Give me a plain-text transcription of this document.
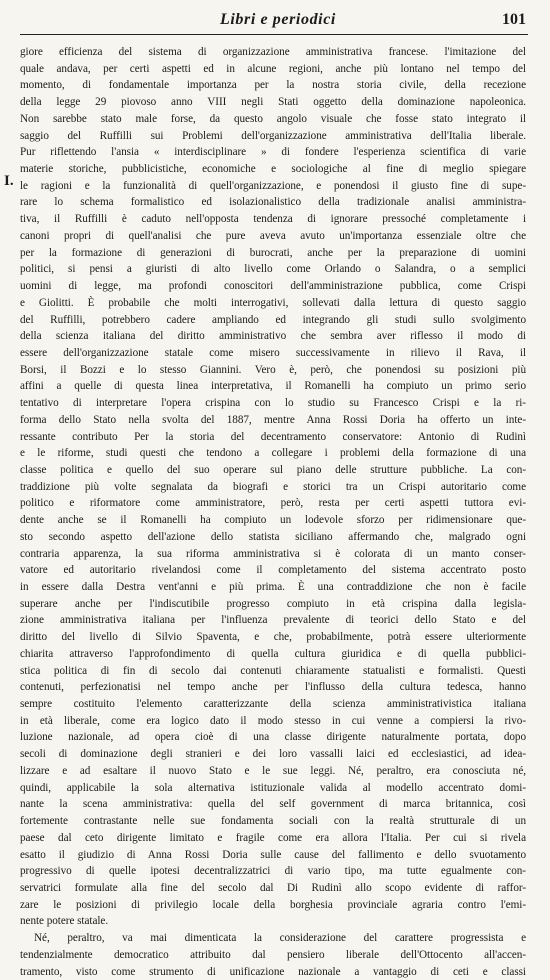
Libri e periodici	101
I.
giore efficienza del sistema di organizzazione amministrativa francese. l'imitazione del
quale andava, per certi aspetti ed in alcune regioni, anche più lontano nel tempo del
momento, di fondamentale importanza per la nostra storia civile, della recezione
della legge 29 piovoso anno VIII negli Stati oggetto della dominazione napoleonica.
Non sarebbe stato male forse, da questo angolo visuale che fosse stato integrato il
saggio del Ruffilli sui Problemi dell'organizzazione amministrativa dell'Italia liberale.
Pur riflettendo l'ansia « interdisciplinare » di fondere l'esperienza scientifica di varie
materie storiche, pubblicistiche, economiche e sociologiche al fine di meglio spiegare
le ragioni e la funzionalità di quell'organizzazione, e ponendosi il giusto fine di supe-
rare lo schema formalistico ed isolazionalistico della tradizionale analisi amministra-
tiva, il Ruffilli è caduto nell'opposta tendenza di ignorare pressoché completamente i
canoni propri di quell'analisi che pure aveva avuto un'importanza essenziale oltre che
per la formazione di generazioni di burocrati, anche per la preparazione di uomini
politici, si pensi a giuristi di alto livello come Orlando o Salandra, o a semplici
uomini di legge, ma profondi conoscitori dell'amministrazione pubblica, come Crispi
e Giolitti. È probabile che molti interrogativi, sollevati dalla lettura di questo saggio
del Ruffilli, potrebbero cadere ampliando ed integrando gli studi sullo svolgimento
della scienza italiana del diritto amministrativo che sembra aver riflesso il modo di
essere dell'organizzazione statale come misero successivamente in rilievo il Rava, il
Borsi, il Bozzi e lo stesso Giannini. Vero è, però, che ponendosi su posizioni più
affini a quelle di questa linea interpretativa, il Romanelli ha compiuto un primo serio
tentativo di interpretare l'opera crispina con lo studio su Francesco Crispi e la ri-
forma dello Stato nella svolta del 1887, mentre Anna Rossi Doria ha offerto un inte-
ressante contributo Per la storia del decentramento conservatore: Antonio di Rudinì
e le riforme, studi questi che tendono a collegare i problemi della formazione di una
classe politica e quello del suo operare sul piano delle strutture pubbliche. La con-
traddizione più volte segnalata da biografi e storici tra un Crispi autoritario come
politico e riformatore come amministratore, però, resta per certi aspetti tuttora evi-
dente anche se il Romanelli ha compiuto un lodevole sforzo per ridimensionare que-
sto secondo aspetto dell'azione dello statista siciliano affermando che, malgrado ogni
contraria apparenza, la sua riforma amministrativa si è colorata di un manto conser-
vatore ed autoritario rivelandosi come il completamento del sistema accentrato posto
in essere dalla Destra vent'anni e più prima. È una contraddizione che non è facile
superare anche per l'indiscutibile progresso compiuto in età crispina dalla legisla-
zione amministrativa italiana per l'influenza prevalente di teorici dello Stato e del
diritto del livello di Silvio Spaventa, e che, probabilmente, potrà essere ulteriormente
chiarita attraverso l'approfondimento di quella cultura giuridica e di quella pubblici-
stica politica di fin di secolo dai contenuti chiaramente statualisti e formalisti. Questi
contenuti, perfezionatisi nel tempo anche per l'influsso della cultura tedesca, hanno
sempre costituito l'elemento caratterizzante della scienza amministrativistica italiana
in età liberale, come era logico dato il modo stesso in cui venne a compiersi la rivo-
luzione nazionale, ad opera cioè di una classe dirigente naturalmente portata, dopo
secoli di dominazione degli stranieri e dei loro vassalli laici ed ecclesiastici, ad idea-
lizzare e ad esaltare il nuovo Stato e le sue leggi. Né, peraltro, era conosciuta né,
quindi, applicabile la sola alternativa istituzionale valida al modello accentrato domi-
nante la scena amministrativa: quella del self government di marca britannica, così
fortemente contrastante nelle sue fondamenta sociali con la realtà strutturale di un
paese dal ceto dirigente limitato e fragile come era allora l'Italia. Per cui si rivela
esatto il giudizio di Anna Rossi Doria sulle cause del fallimento e dello svuotamento
progressivo di quelle ipotesi decentralizzatrici di vario tipo, ma tutte egualmente con-
servatrici formulate alla fine del secolo dal Di Rudinì allo scopo evidente di raffor-
zare le posizioni di privilegio locale della borghesia provinciale agraria contro l'emi-
nente potere statale.
Né, peraltro, va mai dimenticata la considerazione del carattere progressista e
tendenzialmente democratico attribuito dal pensiero liberale dell'Ottocento all'accen-
tramento, visto come strumento di unificazione nazionale a vantaggio di ceti e classi
